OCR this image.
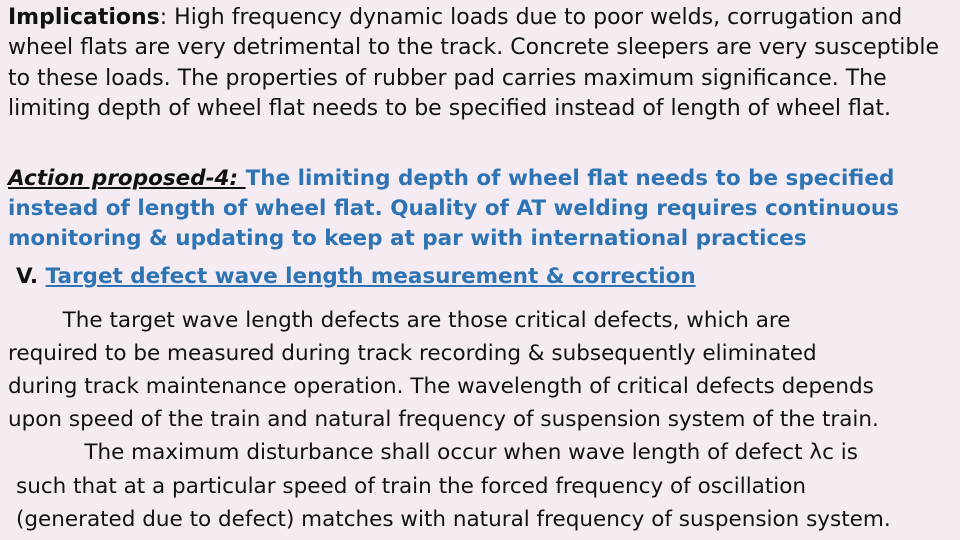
Implications: High frequency dynamic loads due to poor welds, corrugation and wheel flats are very detrimental to the track. Concrete sleepers are very susceptible to these loads. The properties of rubber pad carries maximum significance. The limiting depth of wheel flat needs to be specified instead of length of wheel flat.
Action proposed-4: The limiting depth of wheel flat needs to be specified instead of length of wheel flat. Quality of AT welding requires continuous monitoring & updating to keep at par with international practices
V. Target defect wave length measurement & correction
The target wave length defects are those critical defects, which are
required to be measured during track recording & subsequently eliminated
during track maintenance operation. The wavelength of critical defects depends
upon speed of the train and natural frequency of suspension system of the train.
The maximum disturbance shall occur when wave length of defect λc is
such that at a particular speed of train the forced frequency of oscillation
(generated due to defect) matches with natural frequency of suspension system.
